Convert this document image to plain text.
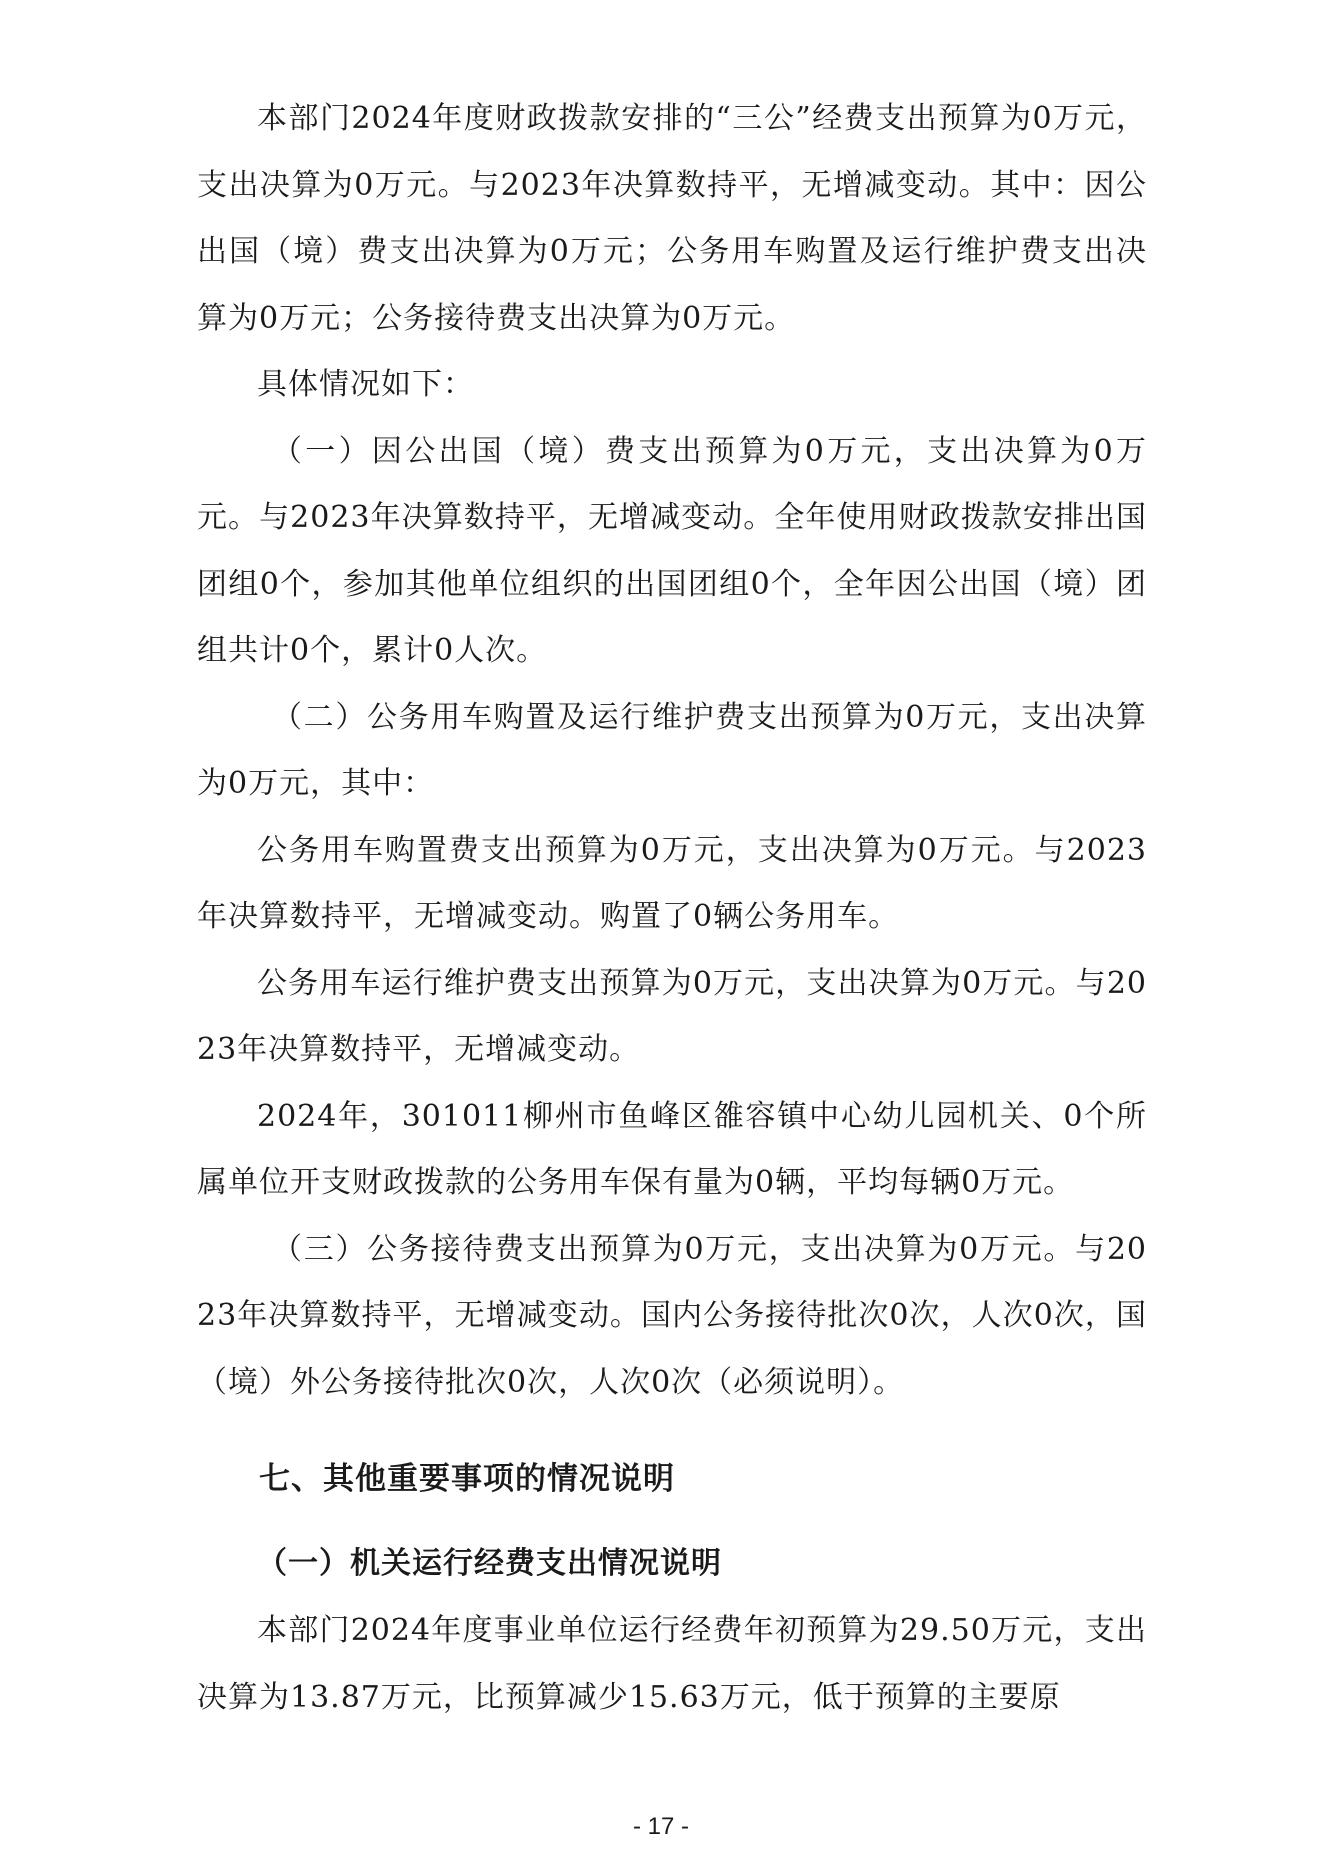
本部门2024年度财政拨款安排的“三公”经费支出预算为0万元，支出决算为0万元。与2023年决算数持平，无增减变动。其中：因公出国（境）费支出决算为0万元；公务用车购置及运行维护费支出决算为0万元；公务接待费支出决算为0万元。

具体情况如下：

（一）因公出国（境）费支出预算为0万元，支出决算为0万元。与2023年决算数持平，无增减变动。全年使用财政拨款安排出国团组0个，参加其他单位组织的出国团组0个，全年因公出国（境）团组共计0个，累计0人次。

（二）公务用车购置及运行维护费支出预算为0万元，支出决算为0万元，其中：

公务用车购置费支出预算为0万元，支出决算为0万元。与2023年决算数持平，无增减变动。购置了0辆公务用车。

公务用车运行维护费支出预算为0万元，支出决算为0万元。与2023年决算数持平，无增减变动。

2024年，301011柳州市鱼峰区雒容镇中心幼儿园机关、0个所属单位开支财政拨款的公务用车保有量为0辆，平均每辆0万元。

（三）公务接待费支出预算为0万元，支出决算为0万元。与2023年决算数持平，无增减变动。国内公务接待批次0次，人次0次，国（境）外公务接待批次0次，人次0次（必须说明）。

七、其他重要事项的情况说明
（一）机关运行经费支出情况说明

本部门2024年度事业单位运行经费年初预算为29.50万元，支出决算为13.87万元，比预算减少15.63万元，低于预算的主要原

- 17 -
